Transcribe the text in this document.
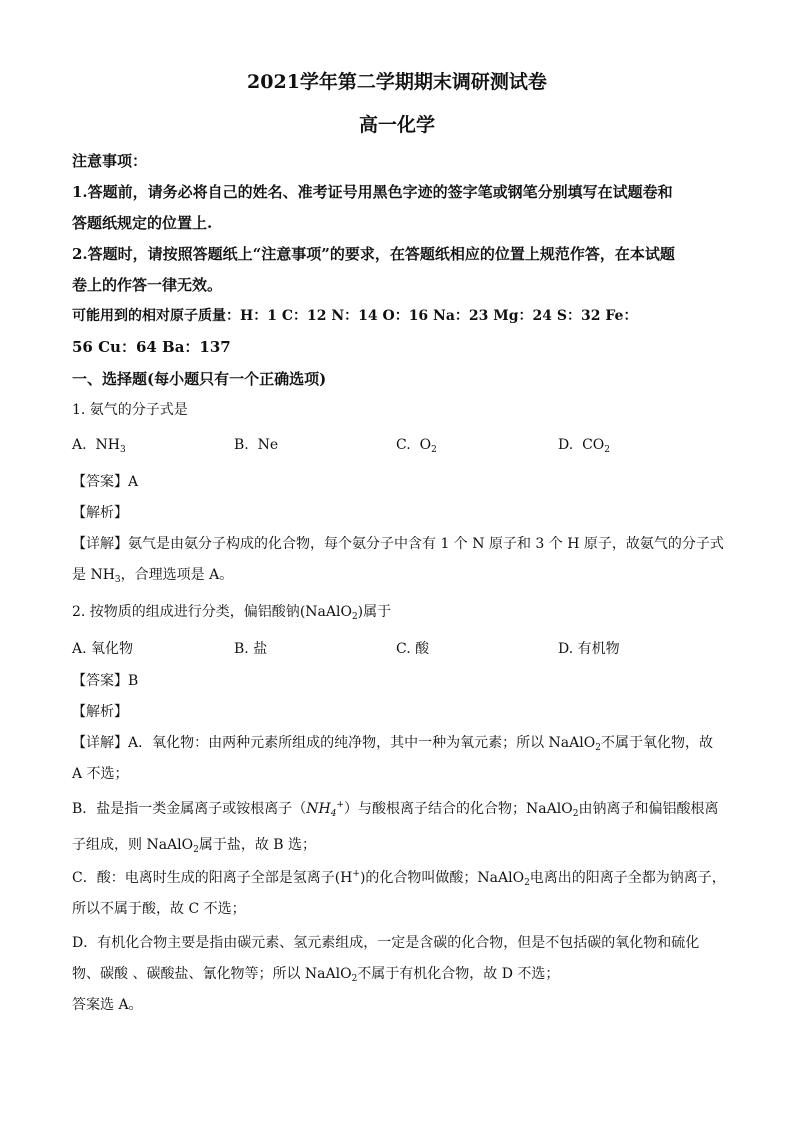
2021学年第二学期期末调研测试卷
高一化学
注意事项：
1.答题前，请务必将自己的姓名、准考证号用黑色字迹的签字笔或钢笔分别填写在试题卷和
答题纸规定的位置上.
2.答题时，请按照答题纸上“注意事项”的要求，在答题纸相应的位置上规范作答，在本试题
卷上的作答一律无效。
可能用到的相对原子质量：H：1 C：12 N：14 O：16 Na：23 Mg：24 S：32 Fe：
56 Cu：64 Ba：137
一、选择题(每小题只有一个正确选项)
1. 氨气的分子式是
A. $NH_3$	B. Ne	C. $O_2$	D. $CO_2$
【答案】A
【解析】
【详解】氨气是由氨分子构成的化合物，每个氨分子中含有 1 个 N 原子和 3 个 H 原子，故氨气的分子式
是 $NH_3$，合理选项是 A。
2. 按物质的组成进行分类，偏铝酸钠(NaAlO$_2$)属于
A. 氧化物	B. 盐	C. 酸	D. 有机物
【答案】B
【解析】
【详解】A．氧化物：由两种元素所组成的纯净物，其中一种为氧元素；所以 NaAlO$_2$不属于氧化物，故
A 不选；
B．盐是指一类金属离子或铵根离子$(NH_4^+)$与酸根离子结合的化合物；NaAlO$_2$由钠离子和偏铝酸根离
子组成，则 NaAlO$_2$属于盐，故 B 选；
C．酸：电离时生成的阳离子全部是氢离子(H+)的化合物叫做酸；NaAlO$_2$电离出的阳离子全都为钠离子，
所以不属于酸，故 C 不选；
D．有机化合物主要是指由碳元素、氢元素组成，一定是含碳的化合物，但是不包括碳的氧化物和硫化
物、碳酸 、碳酸盐、氰化物等；所以 NaAlO$_2$不属于有机化合物，故 D 不选；
答案选 A。
